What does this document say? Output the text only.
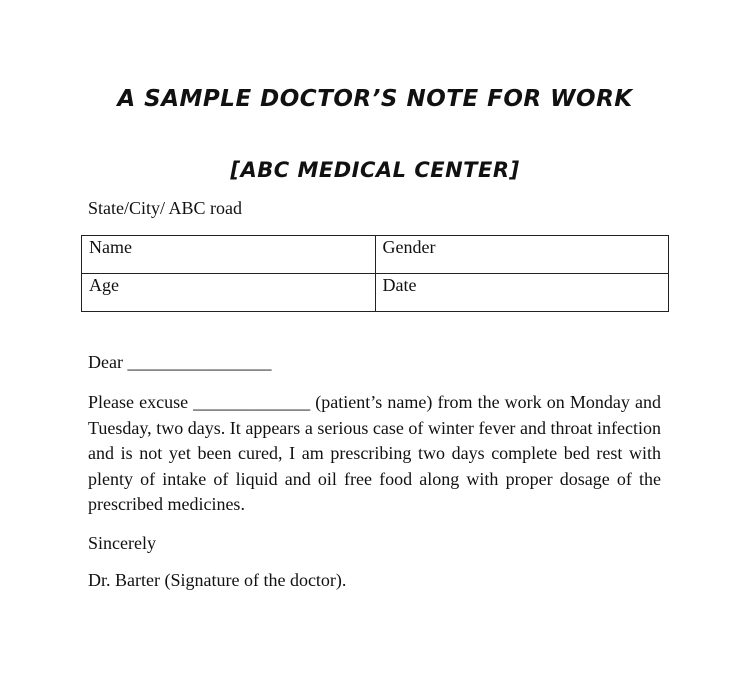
A SAMPLE DOCTOR’S NOTE FOR WORK
[ABC MEDICAL CENTER]
State/City/ ABC road
Name	Gender
Age	Date
Dear ________________
Please excuse _____________ (patient’s name) from the work on Monday and Tuesday, two days. It appears a serious case of winter fever and throat infection and is not yet been cured, I am prescribing two days complete bed rest with plenty of intake of liquid and oil free food along with proper dosage of the prescribed medicines.
Sincerely
Dr. Barter (Signature of the doctor).
